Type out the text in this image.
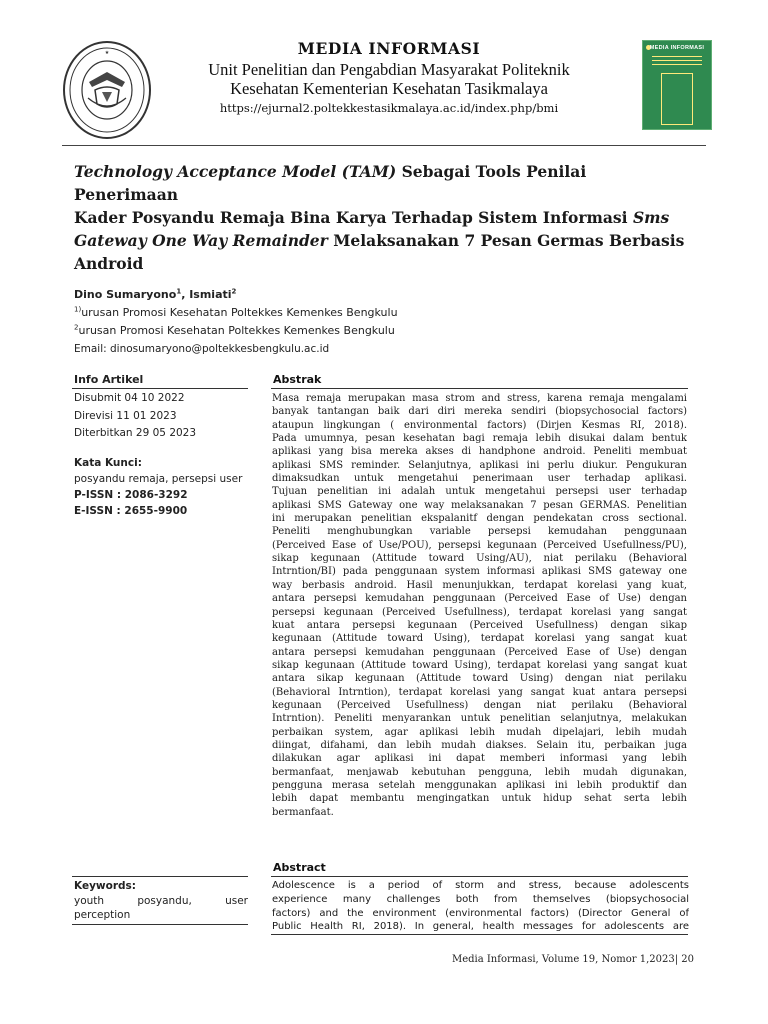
★	MEDIA INFORMASI

Unit Penelitian dan Pengabdian Masyarakat Politeknik

Kesehatan Kementerian Kesehatan Tasikmalaya

https://ejurnal2.poltekkestasikmalaya.ac.id/index.php/bmi

MEDIA INFORMASI
Technology Acceptance Model (TAM) Sebagai Tools Penilai Penerimaan
Kader Posyandu Remaja Bina Karya Terhadap Sistem Informasi Sms
Gateway One Way Remainder Melaksanakan 7 Pesan Germas Berbasis
Android
Dino Sumaryono$^1$, Ismiati$^2$
$^{1)}$urusan Promosi Kesehatan Poltekkes Kemenkes Bengkulu
$^2$urusan Promosi Kesehatan Poltekkes Kemenkes Bengkulu
Email: dinosumaryono@poltekkesbengkulu.ac.id
Info Artikel
Disubmit 04 10 2022
Direvisi 11 01 2023
Diterbitkan 29 05 2023
Kata Kunci:
posyandu remaja, persepsi user
P-ISSN : 2086-3292
E-ISSN : 2655-9900
Abstrak
Masa remaja merupakan masa strom and stress, karena remaja mengalami
banyak tantangan baik dari diri mereka sendiri (biopsychosocial factors)
ataupun lingkungan ( environmental factors) (Dirjen Kesmas RI, 2018).
Pada umumnya, pesan kesehatan bagi remaja lebih disukai dalam bentuk
aplikasi yang bisa mereka akses di handphone android. Peneliti membuat
aplikasi SMS reminder. Selanjutnya, aplikasi ini perlu diukur. Pengukuran
dimaksudkan untuk mengetahui penerimaan user terhadap aplikasi.
Tujuan penelitian ini adalah untuk mengetahui persepsi user terhadap
aplikasi SMS Gateway one way melaksanakan 7 pesan GERMAS. Penelitian
ini merupakan penelitian ekspalanitf dengan pendekatan cross sectional.
Peneliti menghubungkan variable persepsi kemudahan penggunaan
(Perceived Ease of Use/POU), persepsi kegunaan (Perceived Usefullness/PU),
sikap kegunaan (Attitude toward Using/AU), niat perilaku (Behavioral
Intrntion/BI) pada penggunaan system informasi aplikasi SMS gateway one
way berbasis android. Hasil menunjukkan, terdapat korelasi yang kuat,
antara persepsi kemudahan penggunaan (Perceived Ease of Use) dengan
persepsi kegunaan (Perceived Usefullness), terdapat korelasi yang sangat
kuat antara persepsi kegunaan (Perceived Usefullness) dengan sikap
kegunaan (Attitude toward Using), terdapat korelasi yang sangat kuat
antara persepsi kemudahan penggunaan (Perceived Ease of Use) dengan
sikap kegunaan (Attitude toward Using), terdapat korelasi yang sangat kuat
antara sikap kegunaan (Attitude toward Using) dengan niat perilaku
(Behavioral Intrntion), terdapat korelasi yang sangat kuat antara persepsi
kegunaan (Perceived Usefullness) dengan niat perilaku (Behavioral
Intrntion). Peneliti menyarankan untuk penelitian selanjutnya, melakukan
perbaikan system, agar aplikasi lebih mudah dipelajari, lebih mudah
diingat, difahami, dan lebih mudah diakses. Selain itu, perbaikan juga
dilakukan agar aplikasi ini dapat memberi informasi yang lebih
bermanfaat, menjawab kebutuhan pengguna, lebih mudah digunakan,
pengguna merasa setelah menggunakan aplikasi ini lebih produktif dan
lebih dapat membantu mengingatkan untuk hidup sehat serta lebih
bermanfaat.
Abstract
Adolescence is a period of storm and stress, because adolescents
experience many challenges both from themselves (biopsychosocial
factors) and the environment (environmental factors) (Director General of
Public Health RI, 2018). In general, health messages for adolescents are
Keywords:
youth posyandu, user
perception
Media Informasi, Volume 19, Nomor 1,2023| 20
